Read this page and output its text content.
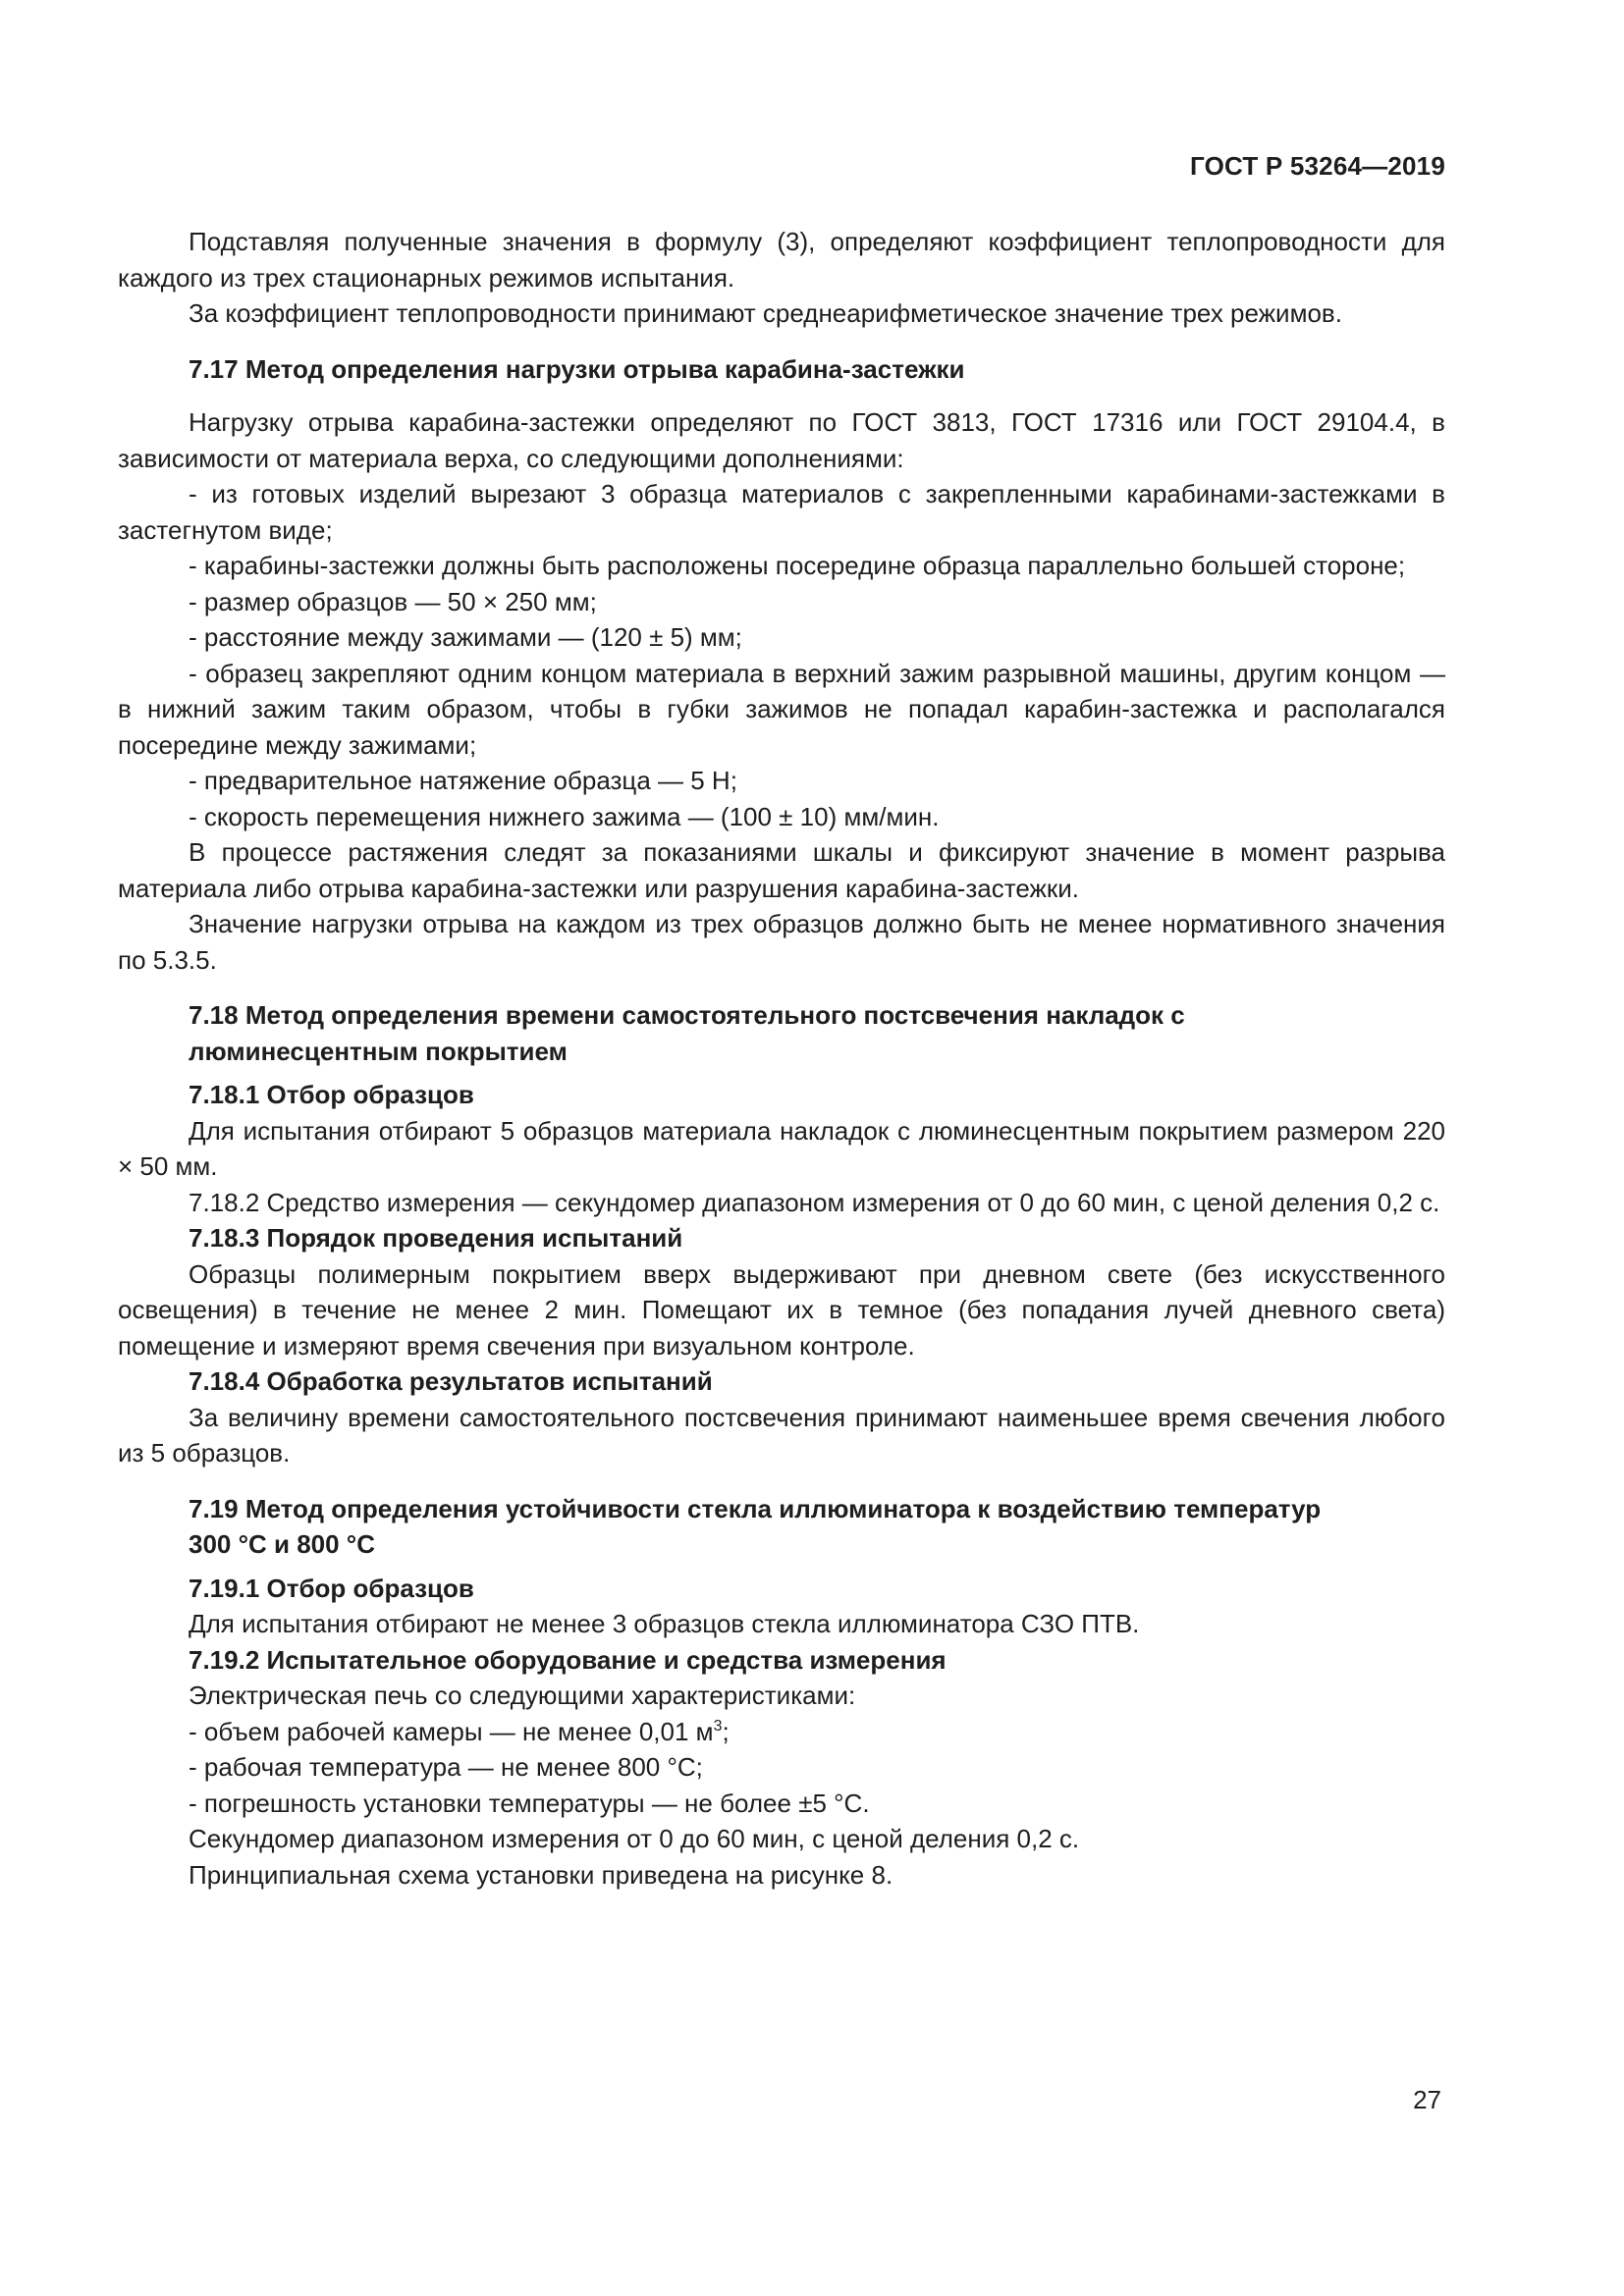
ГОСТ Р 53264—2019

Подставляя полученные значения в формулу (3), определяют коэффициент теплопроводности для каждого из трех стационарных режимов испытания.

За коэффициент теплопроводности принимают среднеарифметическое значение трех режимов.

7.17 Метод определения нагрузки отрыва карабина-застежки

Нагрузку отрыва карабина-застежки определяют по ГОСТ 3813, ГОСТ 17316 или ГОСТ 29104.4, в зависимости от материала верха, со следующими дополнениями:

- из готовых изделий вырезают 3 образца материалов с закрепленными карабинами-застежками в застегнутом виде;

- карабины-застежки должны быть расположены посередине образца параллельно большей стороне;

- размер образцов — 50 × 250 мм;

- расстояние между зажимами — (120 ± 5) мм;

- образец закрепляют одним концом материала в верхний зажим разрывной машины, другим концом — в нижний зажим таким образом, чтобы в губки зажимов не попадал карабин-застежка и располагался посередине между зажимами;

- предварительное натяжение образца — 5 Н;

- скорость перемещения нижнего зажима — (100 ± 10) мм/мин.

В процессе растяжения следят за показаниями шкалы и фиксируют значение в момент разрыва материала либо отрыва карабина-застежки или разрушения карабина-застежки.

Значение нагрузки отрыва на каждом из трех образцов должно быть не менее нормативного значения по 5.3.5.

7.18 Метод определения времени самостоятельного постсвечения накладок с

люминесцентным покрытием

7.18.1 Отбор образцов

Для испытания отбирают 5 образцов материала накладок с люминесцентным покрытием размером 220 × 50 мм.

7.18.2 Средство измерения — секундомер диапазоном измерения от 0 до 60 мин, с ценой деления 0,2 с.

7.18.3 Порядок проведения испытаний

Образцы полимерным покрытием вверх выдерживают при дневном свете (без искусственного освещения) в течение не менее 2 мин. Помещают их в темное (без попадания лучей дневного света) помещение и измеряют время свечения при визуальном контроле.

7.18.4 Обработка результатов испытаний

За величину времени самостоятельного постсвечения принимают наименьшее время свечения любого из 5 образцов.

7.19 Метод определения устойчивости стекла иллюминатора к воздействию температур

300 °С и 800 °С

7.19.1 Отбор образцов

Для испытания отбирают не менее 3 образцов стекла иллюминатора СЗО ПТВ.

7.19.2 Испытательное оборудование и средства измерения

Электрическая печь со следующими характеристиками:

- объем рабочей камеры — не менее 0,01 $м^3$;

- рабочая температура — не менее 800 °С;

- погрешность установки температуры — не более ±5 °С.

Секундомер диапазоном измерения от 0 до 60 мин, с ценой деления 0,2 с.

Принципиальная схема установки приведена на рисунке 8.

27
